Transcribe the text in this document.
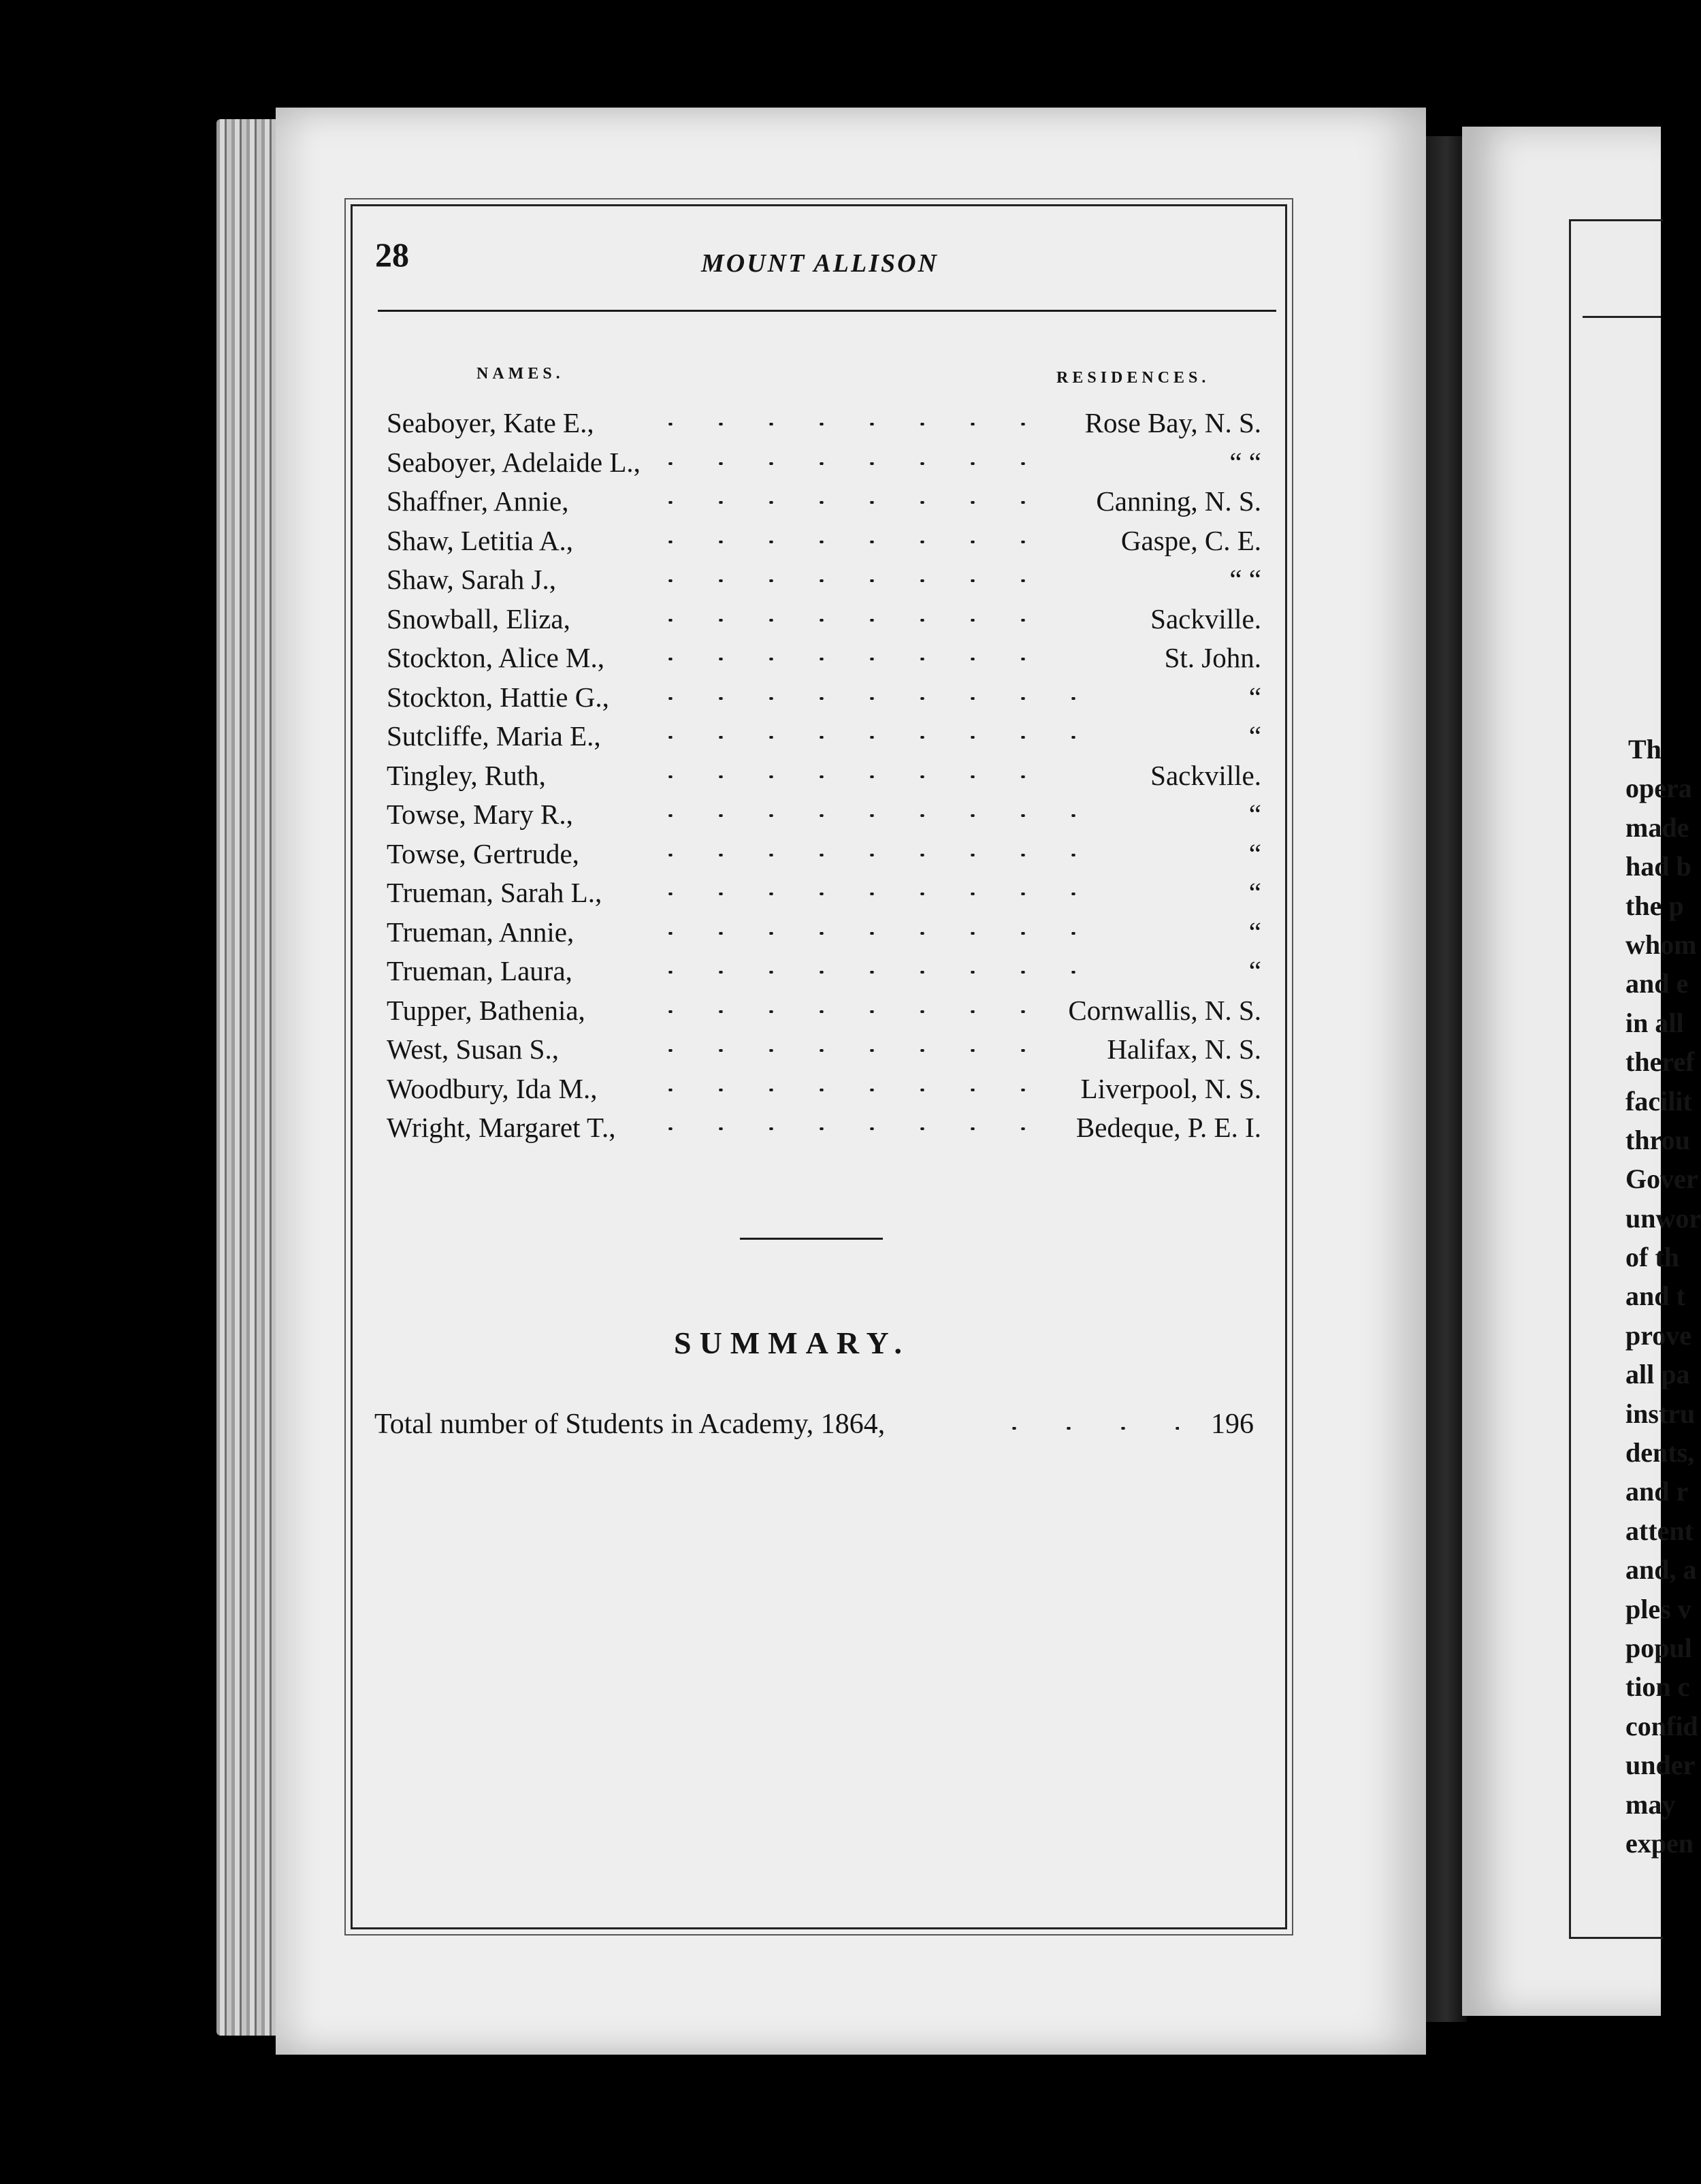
28	MOUNT ALLISON
NAMES.	RESIDENCES.
Seaboyer, Kate E.,	Rose Bay, N. S.
Seaboyer, Adelaide L.,	“ “
Shaffner, Annie,	Canning, N. S.
Shaw, Letitia A.,	Gaspe, C. E.
Shaw, Sarah J.,	“ “
Snowball, Eliza,	Sackville.
Stockton, Alice M.,	St. John.
Stockton, Hattie G.,	“
Sutcliffe, Maria E.,	“
Tingley, Ruth,	Sackville.
Towse, Mary R.,	“
Towse, Gertrude,	“
Trueman, Sarah L.,	“
Trueman, Annie,	“
Trueman, Laura,	“
Tupper, Bathenia,	Cornwallis, N. S.
West, Susan S.,	Halifax, N. S.
Woodbury, Ida M.,	Liverpool, N. S.
Wright, Margaret T.,	Bedeque, P. E. I.
SUMMARY.
Total number of Students in Academy, 1864,	196
Th
opera
made
had b
the p
whom
and e
in all
theref
facilit
throu
Gover
unwor
of th
and t
prove
all pa
instru
dents,
and r
attent
and, a
ples v
popul
tion c
confid
under
may
expen
